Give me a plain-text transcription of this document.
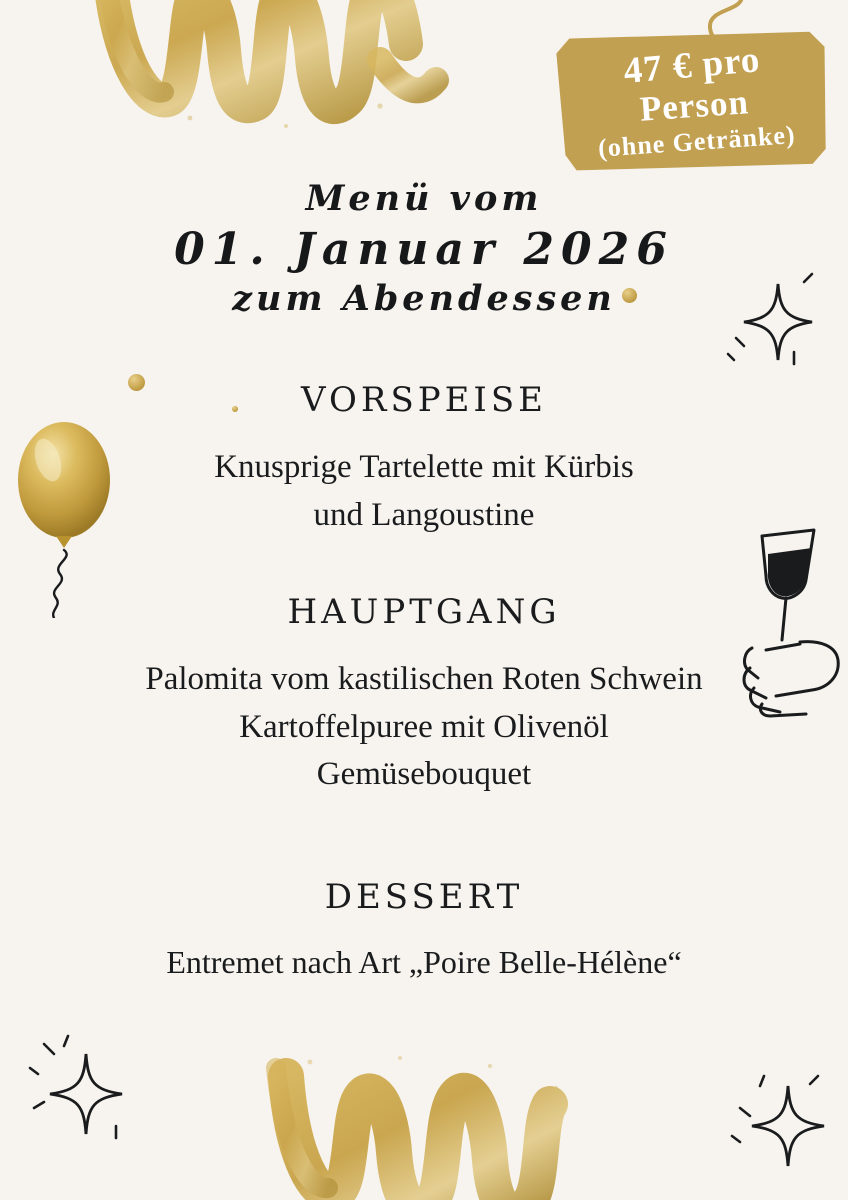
47 € pro
Person
(ohne Getränke)
Menü vom
01. Januar 2026
zum Abendessen
VORSPEISE
Knusprige Tartelette mit Kürbis
und Langoustine
HAUPTGANG
Palomita vom kastilischen Roten Schwein
Kartoffelpuree mit Olivenöl
Gemüsebouquet
DESSERT
Entremet nach Art „Poire Belle-Hélène“
